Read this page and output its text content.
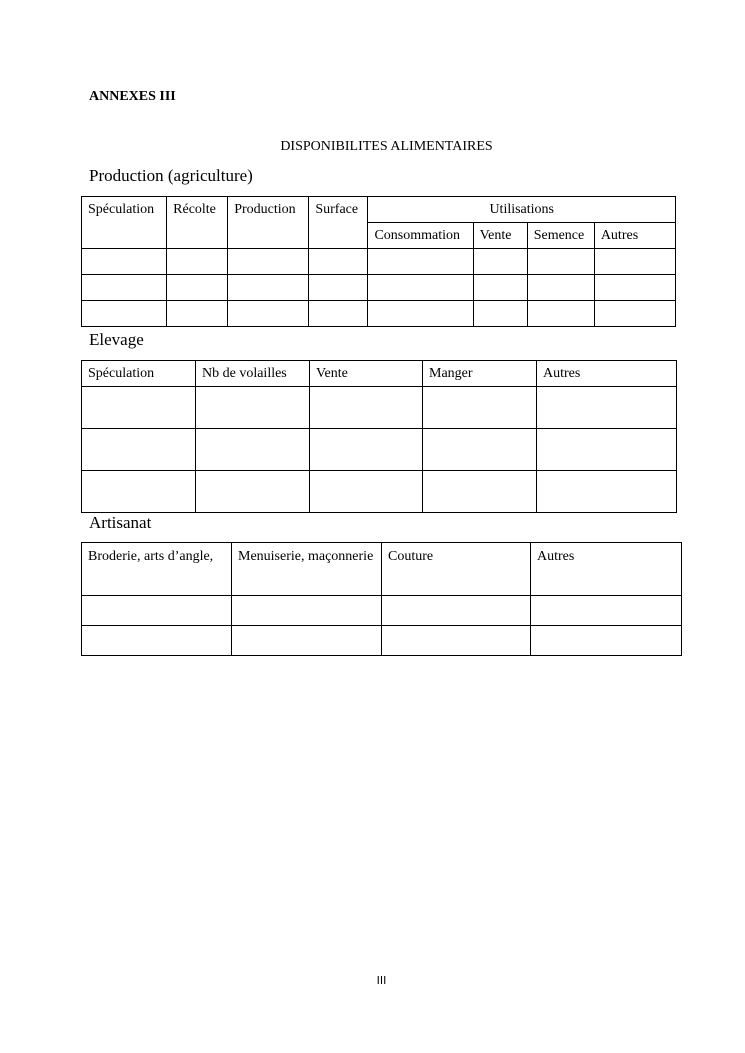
ANNEXES III
DISPONIBILITES ALIMENTAIRES
Production (agriculture)
Spéculation	Récolte	Production	Surface	Utilisations			
				Consommation	Vente	Semence	Autres

Elevage
Spéculation	Nb de volailles	Vente	Manger	Autres

Artisanat
Broderie, arts d’angle,	Menuiserie, maçonnerie	Couture	Autres

III
